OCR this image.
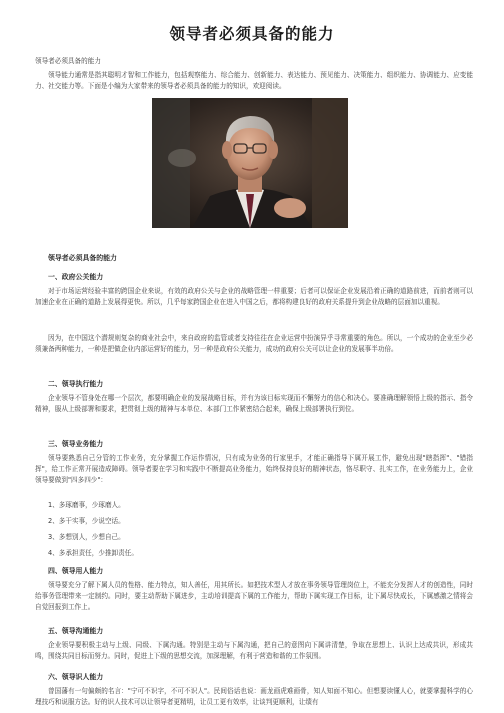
领导者必须具备的能力

领导者必须具备的能力

领导能力通常是指其聪明才智和工作能力，包括观察能力、综合能力、创新能力、表达能力、预见能力、决策能力、组织能力、协调能力、应变能力、社交能力等。下面是小编为大家带来的领导者必须具备的能力的知识，欢迎阅读。

领导者必须具备的能力

一、政府公关能力

对于市场运营经验丰富的跨国企业来说，有效的政府公关与企业的战略管理一样重要；后者可以保证企业发展沿着正确的道路前进，而前者则可以加速企业在正确的道路上发展得更快。所以，几乎每家跨国企业在进入中国之后，都将构建良好的政府关系提升到企业战略的层面加以重视。

因为，在中国这个潜规则复杂的商业社会中，来自政府的监管或者支持往往在企业运营中扮演异乎寻常重要的角色。所以，一个成功的企业至少必须兼备两种能力，一种是把做企业内部运营好的能力，另一种是政府公关能力，成功的政府公关可以让企业的发展事半功倍。

二、领导执行能力

企业领导不管身处在哪一个层次，都要明确企业的发展战略目标，并有为该目标实现而不懈努力的信心和决心。要准确理解领悟上级的指示、指令精神，服从上级部署和要求，把贯彻上级的精神与本单位、本部门工作紧密结合起来，确保上级部署执行到位。

三、领导业务能力

领导要熟悉自己分管的工作业务，充分掌握工作运作情况，只有成为业务的行家里手，才能正确指导下属开展工作，避免出现"瞎指挥"、"错指挥"，给工作正常开展造成障碍。领导者要在学习和实践中不断提高业务能力，始终保持良好的精神状态，恪尽职守、扎实工作，在业务能力上，企业领导要做到"四多四少"：

1、多琢磨事，少琢磨人。

2、多干实事，少说空话。

3、多想别人，少想自己。

4、多承担责任，少推卸责任。

四、领导用人能力

领导要充分了解下属人员的性格、能力特点，知人善任，用其所长。如把技术型人才放在事务领导管理岗位上，不能充分发挥人才的创造性，同时给事务管理带来一定制约。同时，要主动帮助下属进步，主动培训提高下属的工作能力，帮助下属实现工作目标，让下属尽快成长，下属感激之情将会自觉回报到工作上。

五、领导沟通能力

企业领导要积极主动与上级、同级、下属沟通。特别是主动与下属沟通，把自己的意图向下属讲清楚，争取在思想上、认识上达成共识，形成共鸣，围绕共同目标而努力。同时，促进上下级的思想交流，加深理解，有利于营造和谐的工作氛围。

六、领导识人能力

曾国藩有一句偏颇的名言："宁可不识字，不可不识人"。民间俗话也说：画龙画虎难画骨，知人知面不知心。但想要读懂人心，就要掌握科学的心理技巧和说服方法。好的识人技术可以让领导者更精明，让员工更有效率，让谈判更顺利，让绩有
